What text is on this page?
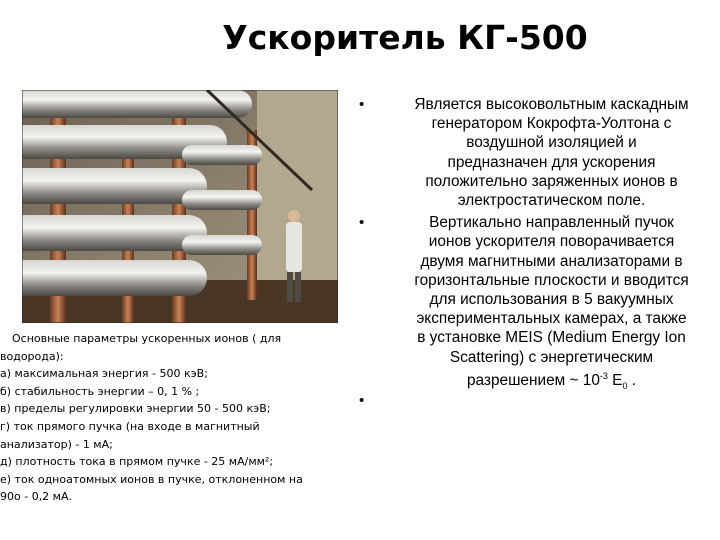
Ускоритель КГ-500

Основные параметры ускоренных ионов ( для

водорода):

а) максимальная энергия - 500 кэВ;

б) стабильность энергии – 0, 1 % ;

в) пределы регулировки энергии 50 - 500 кэВ;

г) ток прямого пучка (на входе в магнитный

анализатор) - 1 мА;

д) плотность тока в прямом пучке - 25 мА/мм²;

е) ток одноатомных ионов в пучке, отклоненном на

90о - 0,2 мА.

•	Является высоковольтным каскадным
генератором Кокрофта-Уолтона с
воздушной изоляцией и
предназначен для ускорения
положительно заряженных ионов в
электростатическом поле.
•	Вертикально направленный пучок
ионов ускорителя поворачивается
двумя магнитными анализаторами в
горизонтальные плоскости и вводится
для использования в 5 вакуумных
экспериментальных камерах, а также
в установке MEIS (Medium Energy Ion
Scattering) с энергетическим
разрешением ~ $10^{-3}$ $E_0$ .
•
